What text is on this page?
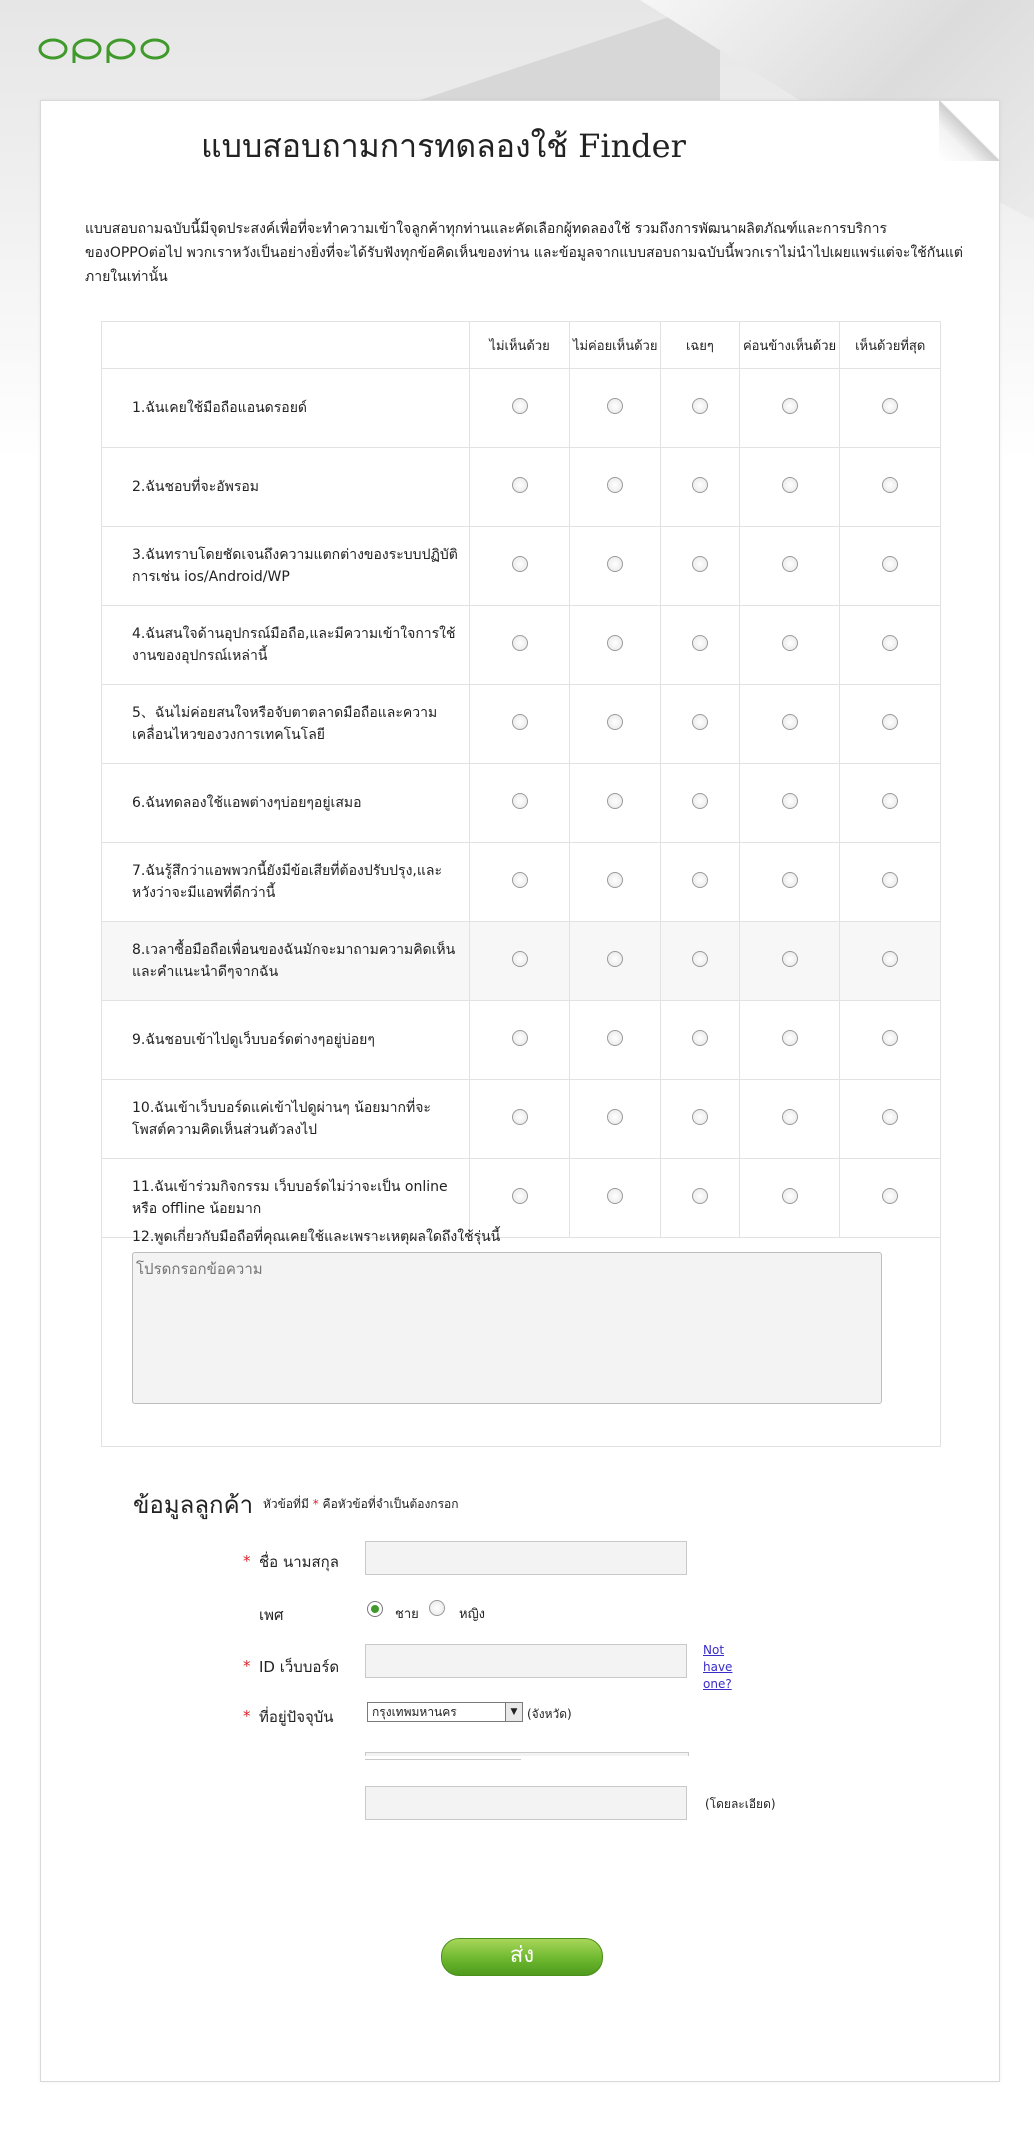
แบบสอบถามการทดลองใช้ Finder
แบบสอบถามฉบับนี้มีจุดประสงค์เพื่อที่จะทำความเข้าใจลูกค้าทุกท่านและคัดเลือกผู้ทดลองใช้ รวมถึงการพัฒนาผลิตภัณฑ์และการบริการของOPPOต่อไป พวกเราหวังเป็นอย่างยิ่งที่จะได้รับฟังทุกข้อคิดเห็นของท่าน และข้อมูลจากแบบสอบถามฉบับนี้พวกเราไม่นำไปเผยแพร่แต่จะใช้กันแต่ภายในเท่านั้น
	ไม่เห็นด้วย	ไม่ค่อยเห็นด้วย	เฉยๆ	ค่อนข้างเห็นด้วย	เห็นด้วยที่สุด
1.ฉันเคยใช้มือถือแอนดรอยด์					
2.ฉันชอบที่จะอัพรอม					
3.ฉันทราบโดยชัดเจนถึงความแตกต่างของระบบปฏิบัติการเช่น ios/Android/WP					
4.ฉันสนใจด้านอุปกรณ์มือถือ,และมีความเข้าใจการใช้งานของอุปกรณ์เหล่านี้					
5、ฉันไม่ค่อยสนใจหรือจับตาตลาดมือถือและความเคลื่อนไหวของวงการเทคโนโลยี					
6.ฉันทดลองใช้แอพต่างๆบ่อยๆอยู่เสมอ					
7.ฉันรู้สึกว่าแอพพวกนี้ยังมีข้อเสียที่ต้องปรับปรุง,และหวังว่าจะมีแอพที่ดีกว่านี้					
8.เวลาซื้อมือถือเพื่อนของฉันมักจะมาถามความคิดเห็นและคำแนะนำดีๆจากฉัน					
9.ฉันชอบเข้าไปดูเว็บบอร์ดต่างๆอยู่บ่อยๆ					
10.ฉันเข้าเว็บบอร์ดแค่เข้าไปดูผ่านๆ น้อยมากที่จะโพสต์ความคิดเห็นส่วนตัวลงไป					
11.ฉันเข้าร่วมกิจกรรม เว็บบอร์ดไม่ว่าจะเป็น online หรือ offline น้อยมาก					
12.พูดเกี่ยวกับมือถือที่คุณเคยใช้และเพราะเหตุผลใดถึงใช้รุ่นนี้
โปรดกรอกข้อความ
ข้อมูลลูกค้า หัวข้อที่มี * คือหัวข้อที่จำเป็นต้องกรอก
* ชื่อ นามสกุล
เพศ	ชาย	หญิง
* ID เว็บบอร์ด
Not have one?
* ที่อยู่ปัจจุบัน	กรุงเทพมหานคร	▼ (จังหวัด)
(โดยละเอียด)
ส่ง
